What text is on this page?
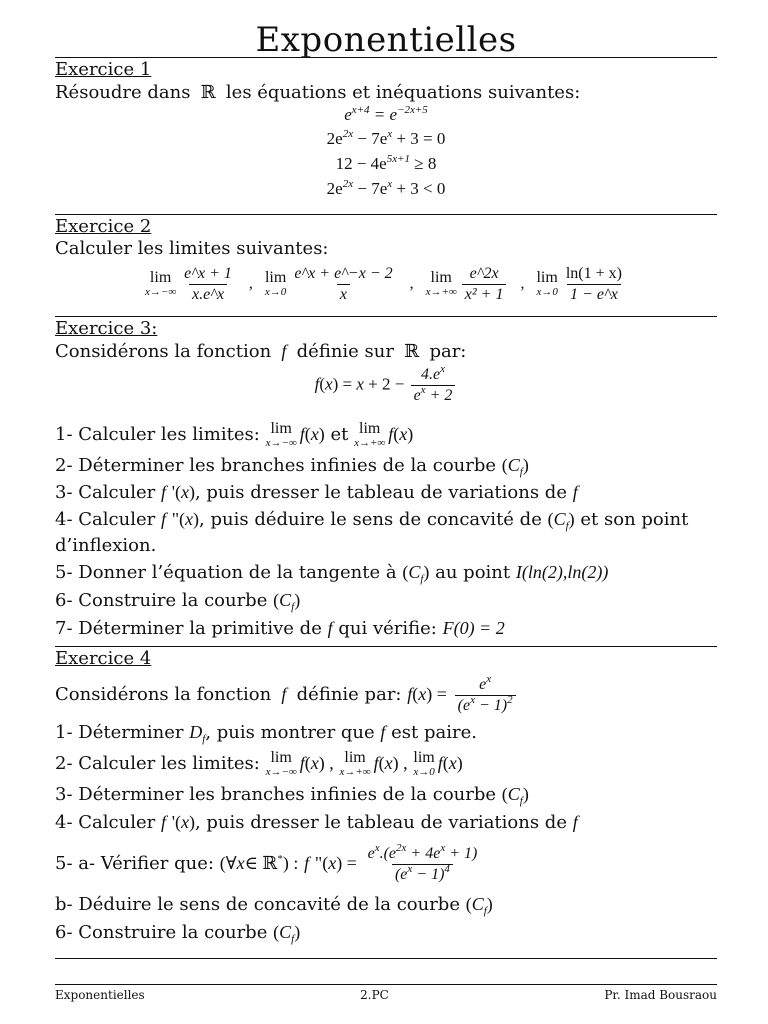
Exponentielles
Exercice 1
Résoudre dans  ℝ  les équations et inéquations suivantes:
$e^{x+4} = e^{-2x+5}$
$2e^{2x} - 7e^x + 3 = 0$
$12 - 4e^{5x+1} \ge 8$
$2e^{2x} - 7e^x + 3 < 0$
Exercice 2
Calculer les limites suivantes:
lim
$x\to-\infty \frac{e\^{}x + 1}{x.e\^{}x}$ , lim
$x\to 0 \frac{e\^{}x + e\^{}-x - 2}{x}$ , lim
$x\to+\infty \frac{e\^{}2x}{\text{x² + 1}}$ , lim
$x\to 0 \frac{\ln(1 + x)}{1 - e\^{}x}$
Exercice 3:
Considérons la fonction  f  définie sur  ℝ  par:
$f(x) = x + 2 - \frac{4.e^x}{e^x + 2}$
1- Calculer les limites: lim
x→−∞ f(x) et lim
x→+∞ f(x)
2- Déterminer les branches infinies de la courbe $(C_f)$
3- Calculer f '(x), puis dresser le tableau de variations de f
4- Calculer f "(x), puis déduire le sens de concavité de $(C_f)$ et son point
d’inflexion.
5- Donner l’équation de la tangente à $(C_f)$ au point I(ln(2),ln(2))
6- Construire la courbe $(C_f)$
7- Déterminer la primitive de f qui vérifie: F(0) = 2
Exercice 4
Considérons la fonction  f  définie par: $f(x) = \frac{e^x}{(e^x - 1)^2}$
1- Déterminer $D_f$, puis montrer que f est paire.
2- Calculer les limites: lim
x→−∞ f(x) , lim
x→+∞ f(x) , lim
x→0 f(x)
3- Déterminer les branches infinies de la courbe $(C_f)$
4- Calculer f '(x), puis dresser le tableau de variations de f
5- a- Vérifier que: (∀x∈ ℝ*) : f "$(x) = \frac{e^x.(e^{2x} + 4e^x + 1)}{(e^x - 1)^4}$
b- Déduire le sens de concavité de la courbe $(C_f)$
6- Construire la courbe $(C_f)$
Exponentielles	2.PC	Pr. Imad Bousraou
